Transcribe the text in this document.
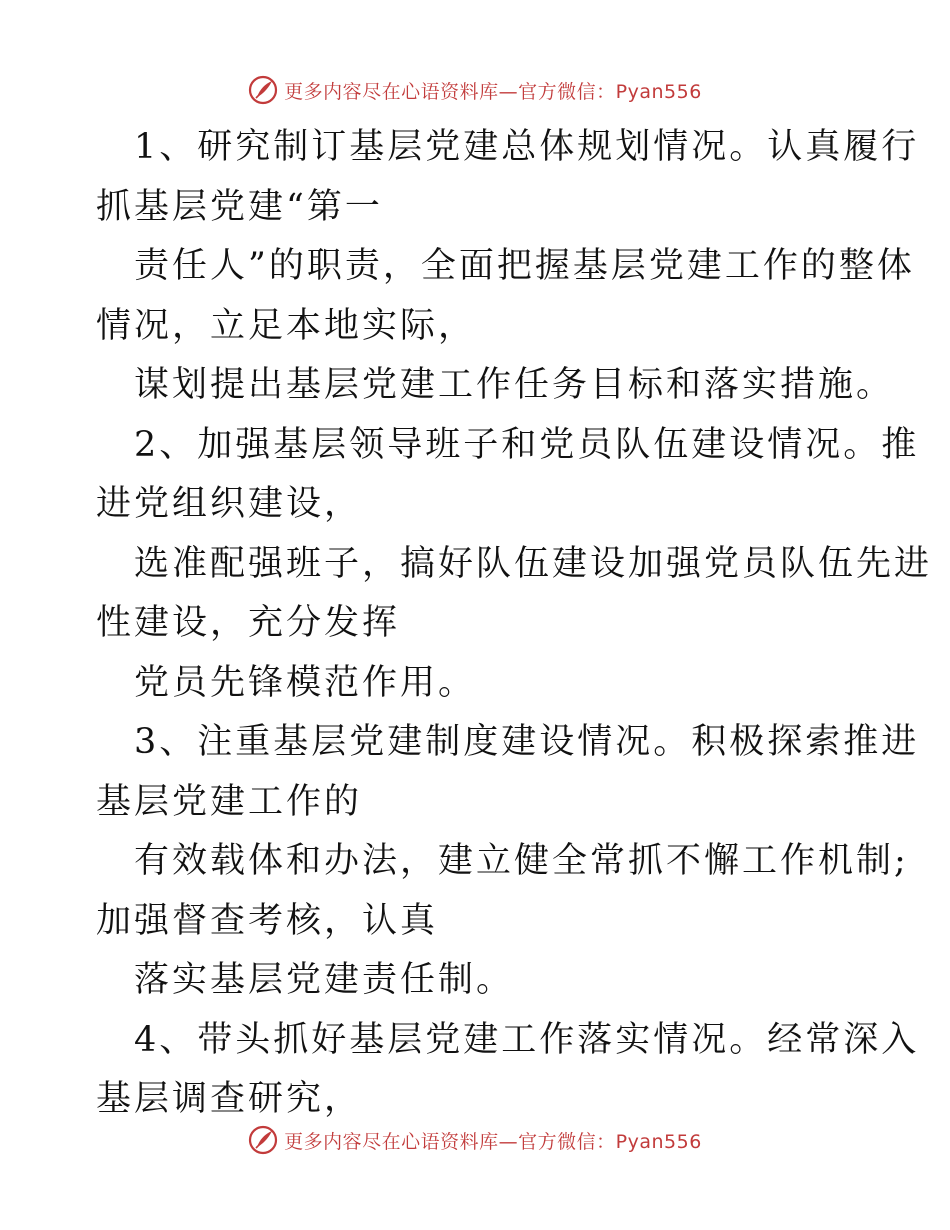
更多内容尽在心语资料库—官方微信：Pyan556
1、研究制订基层党建总体规划情况。认真履行
抓基层党建“第一
责任人”的职责，全面把握基层党建工作的整体
情况，立足本地实际，
谋划提出基层党建工作任务目标和落实措施。
2、加强基层领导班子和党员队伍建设情况。推
进党组织建设，
选准配强班子，搞好队伍建设加强党员队伍先进
性建设，充分发挥
党员先锋模范作用。
3、注重基层党建制度建设情况。积极探索推进
基层党建工作的
有效载体和办法，建立健全常抓不懈工作机制;
加强督查考核，认真
落实基层党建责任制。
4、带头抓好基层党建工作落实情况。经常深入
基层调查研究，
更多内容尽在心语资料库—官方微信：Pyan556
